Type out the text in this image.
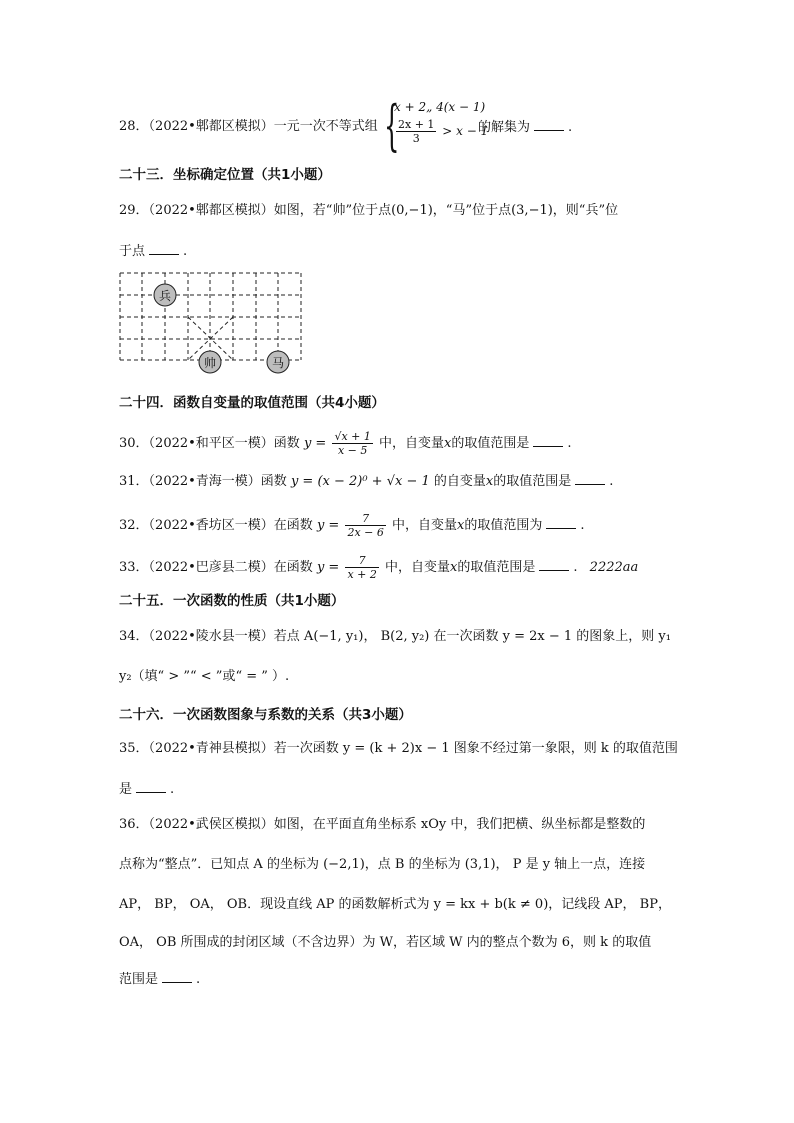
28．（2022•郫都区模拟）一元一次不等式组 {
x + 2„ 4(x − 1)
$\frac{2x + 1}{3} > x - 1$
的解集为	.
二十三．坐标确定位置（共1小题）
29．（2022•郫都区模拟）如图，若“帅”位于点(0,−1)，“马”位于点(3,−1)，则“兵”位
于点	.
兵
帅	马
二十四．函数自变量的取值范围（共4小题）
30．（2022•和平区一模）函数 $y = \frac{√x + 1}{x - 5}$ 中，自变量x的取值范围是	.
31．（2022•青海一模）函数 y = (x − 2)⁰ + √x − 1 的自变量x的取值范围是	.
32．（2022•香坊区一模）在函数 $y = \frac{7}{2x - 6}$ 中，自变量x的取值范围为	.
33．（2022•巴彦县二模）在函数 $y = \frac{7}{x + 2}$ 中，自变量x的取值范围是	. 2222aa
二十五．一次函数的性质（共1小题）
34．（2022•陵水县一模）若点 A(−1, y₁)， B(2, y₂) 在一次函数 y = 2x − 1 的图象上，则 y₁
y₂（填“ > ”“ < ”或“ = ” ）.
二十六．一次函数图象与系数的关系（共3小题）
35．（2022•青神县模拟）若一次函数 y = (k + 2)x − 1 图象不经过第一象限，则 k 的取值范围
是	.
36．（2022•武侯区模拟）如图，在平面直角坐标系 xOy 中，我们把横、纵坐标都是整数的
点称为“整点”．已知点 A 的坐标为 (−2,1)，点 B 的坐标为 (3,1)， P 是 y 轴上一点，连接
AP， BP， OA， OB．现设直线 AP 的函数解析式为 y = kx + b(k ≠ 0)，记线段 AP， BP，
OA， OB 所围成的封闭区域（不含边界）为 W，若区域 W 内的整点个数为 6，则 k 的取值
范围是	.
